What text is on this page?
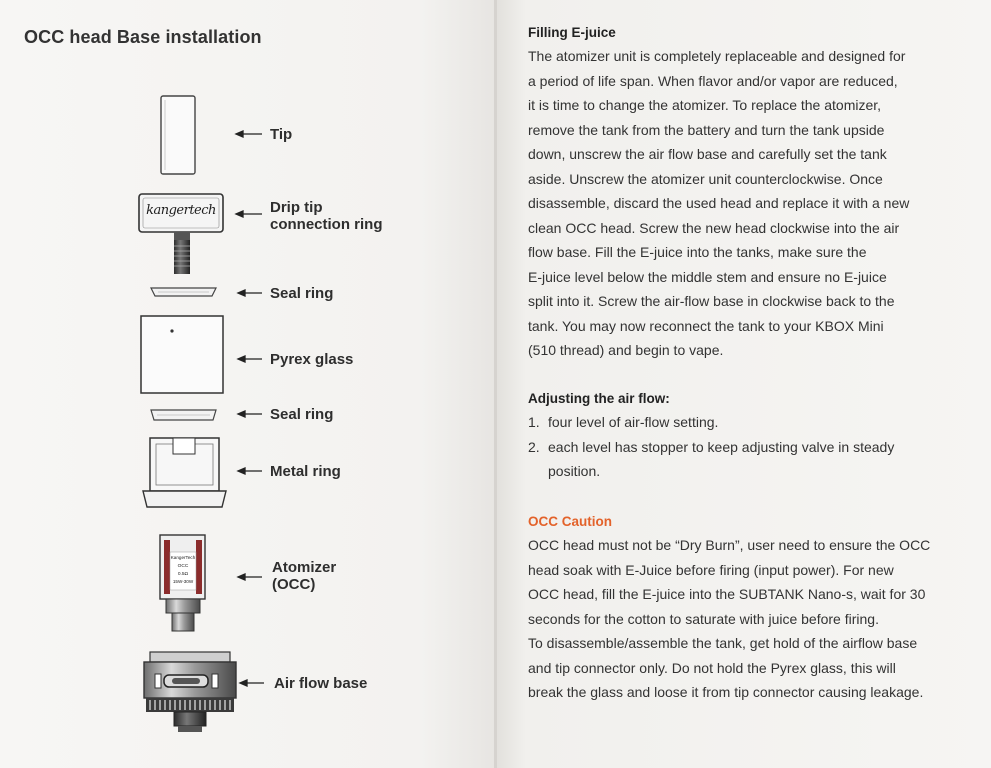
OCC head Base installation
KangerTech
OCC
0.5Ω
15W-30W
kangertech
Tip
Drip tip
connection ring
Seal ring
Pyrex glass
Seal ring
Metal ring
Atomizer
(OCC)
Air flow base

Filling E-juice

The atomizer unit is completely replaceable and designed for

a period of life span. When flavor and/or vapor are reduced,

it is time to change the atomizer. To replace the atomizer,

remove the tank from the battery and turn the tank upside

down, unscrew the air flow base and carefully set the tank

aside. Unscrew the atomizer unit counterclockwise. Once

disassemble, discard the used head and replace it with a new

clean OCC head. Screw the new head clockwise into the air

flow base. Fill the E-juice into the tanks, make sure the

E-juice level below the middle stem and ensure no E-juice

split into it. Screw the air-flow base in clockwise back to the

tank. You may now reconnect the tank to your KBOX Mini

(510 thread) and begin to vape.

Adjusting the air flow:

1. four level of air-flow setting.
2. each level has stopper to keep adjusting valve in steady
position.

OCC Caution

OCC head must not be “Dry Burn”, user need to ensure the OCC

head soak with E-Juice before firing (input power). For new

OCC head, fill the E-juice into the SUBTANK Nano-s, wait for 30

seconds for the cotton to saturate with juice before firing.

To disassemble/assemble the tank, get hold of the airflow base

and tip connector only. Do not hold the Pyrex glass, this will

break the glass and loose it from tip connector causing leakage.
